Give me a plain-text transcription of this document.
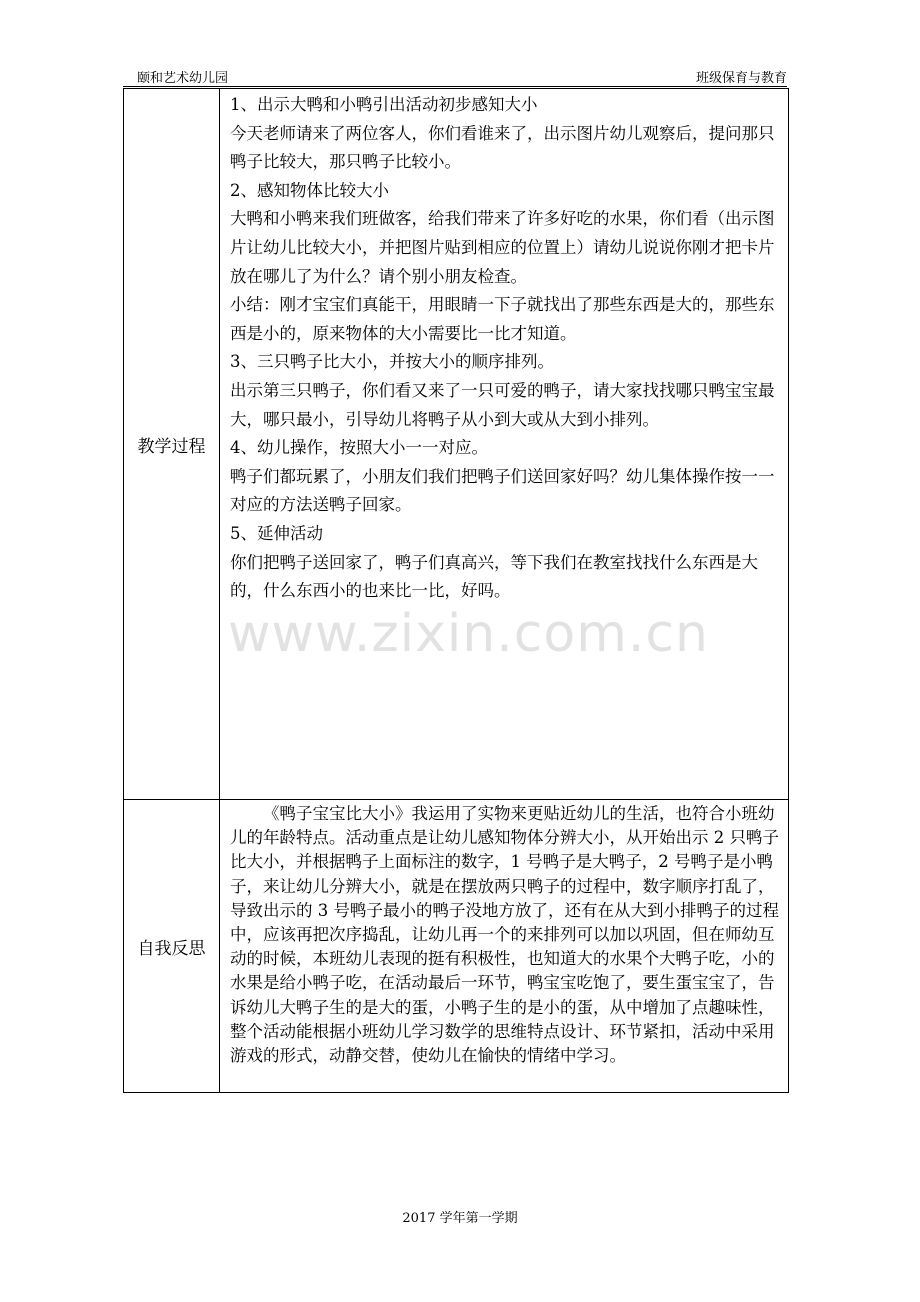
颐和艺术幼儿园	班级保育与教育
教学过程

1、出示大鸭和小鸭引出活动初步感知大小

今天老师请来了两位客人，你们看谁来了，出示图片幼儿观察后，提问那只鸭子比较大，那只鸭子比较小。

2、感知物体比较大小

大鸭和小鸭来我们班做客，给我们带来了许多好吃的水果，你们看（出示图片让幼儿比较大小，并把图片贴到相应的位置上）请幼儿说说你刚才把卡片放在哪儿了为什么？请个别小朋友检查。

小结：刚才宝宝们真能干，用眼睛一下子就找出了那些东西是大的，那些东西是小的，原来物体的大小需要比一比才知道。

3、三只鸭子比大小，并按大小的顺序排列。

出示第三只鸭子，你们看又来了一只可爱的鸭子，请大家找找哪只鸭宝宝最大，哪只最小，引导幼儿将鸭子从小到大或从大到小排列。

4、幼儿操作，按照大小一一对应。

鸭子们都玩累了，小朋友们我们把鸭子们送回家好吗？幼儿集体操作按一一对应的方法送鸭子回家。

5、延伸活动

你们把鸭子送回家了，鸭子们真高兴，等下我们在教室找找什么东西是大的，什么东西小的也来比一比，好吗。

自我反思

《鸭子宝宝比大小》我运用了实物来更贴近幼儿的生活，也符合小班幼儿的年龄特点。活动重点是让幼儿感知物体分辨大小，从开始出示 2 只鸭子比大小，并根据鸭子上面标注的数字，1 号鸭子是大鸭子，2 号鸭子是小鸭子，来让幼儿分辨大小，就是在摆放两只鸭子的过程中，数字顺序打乱了，导致出示的 3 号鸭子最小的鸭子没地方放了，还有在从大到小排鸭子的过程中，应该再把次序捣乱，让幼儿再一个的来排列可以加以巩固，但在师幼互动的时候，本班幼儿表现的挺有积极性，也知道大的水果个大鸭子吃，小的水果是给小鸭子吃，在活动最后一环节，鸭宝宝吃饱了，要生蛋宝宝了，告诉幼儿大鸭子生的是大的蛋，小鸭子生的是小的蛋，从中增加了点趣味性，整个活动能根据小班幼儿学习数学的思维特点设计、环节紧扣，活动中采用游戏的形式，动静交替，使幼儿在愉快的情绪中学习。

www.zixin.com.cn
2017 学年第一学期
